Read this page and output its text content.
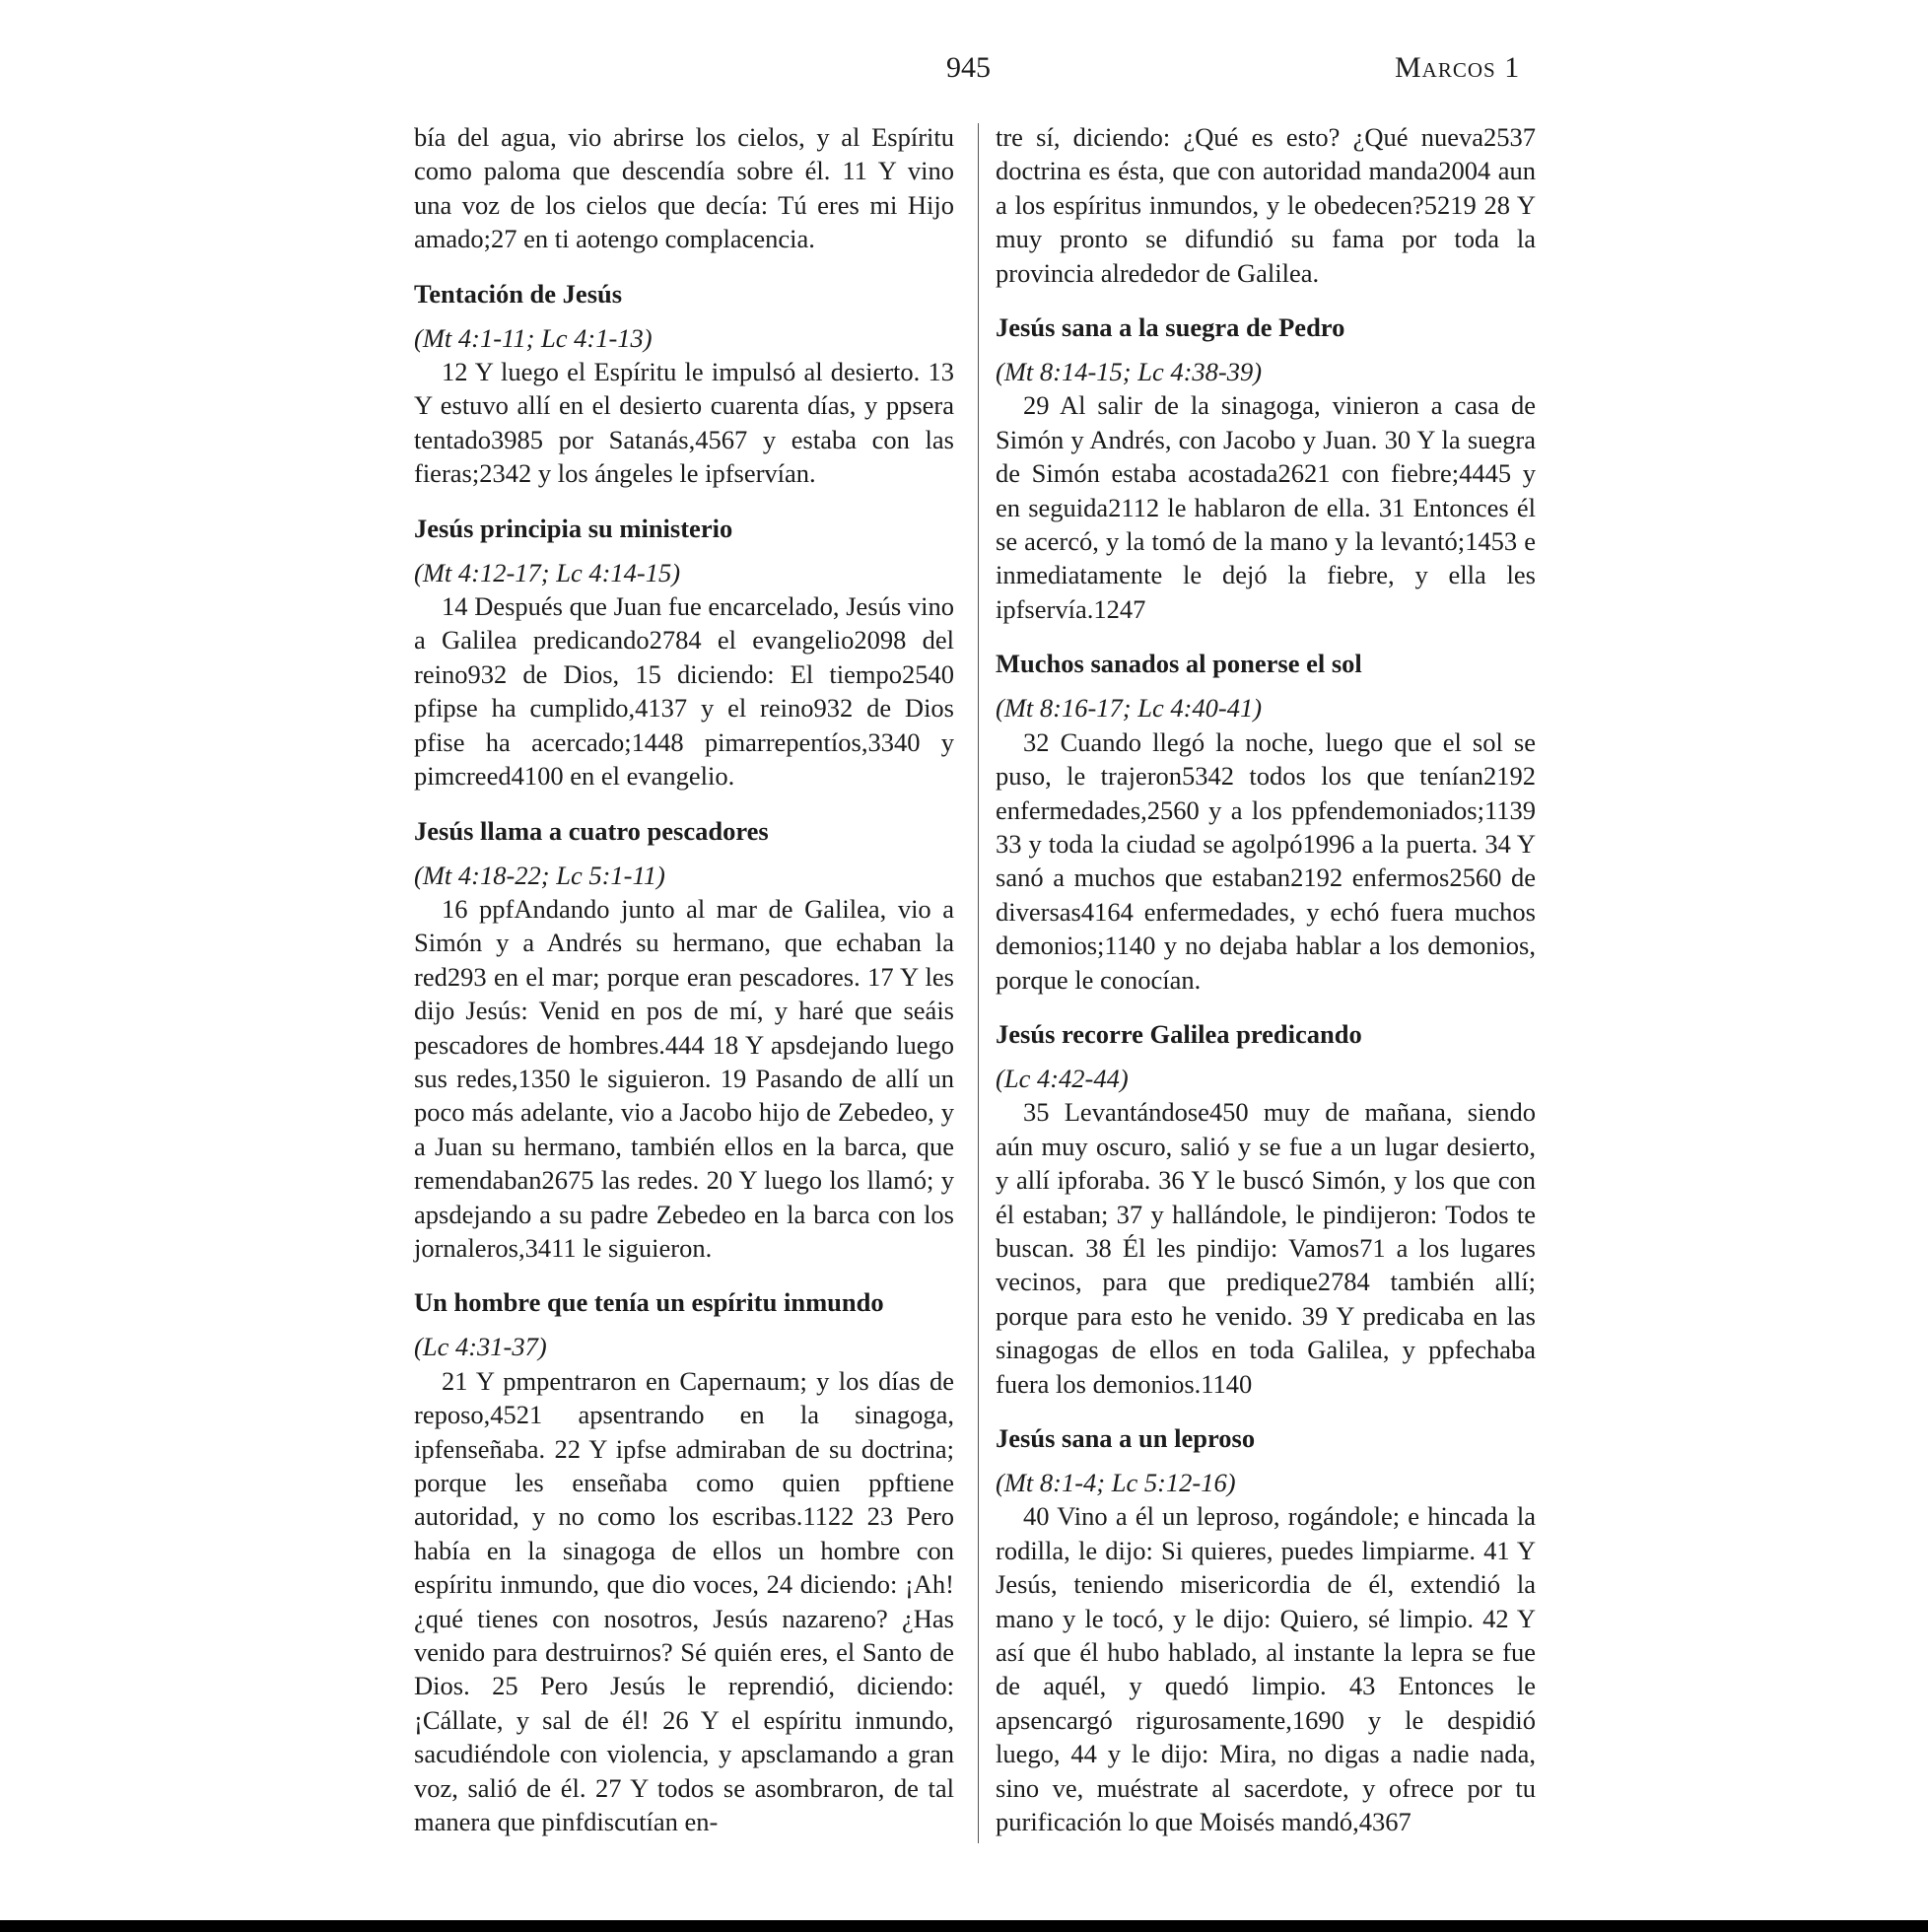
945	Marcos 1

bía del agua, vio abrirse los cielos, y al Espíritu como paloma que descendía sobre él. 11 Y vino una voz de los cielos que decía: Tú eres mi Hijo amado;27 en ti aotengo complacencia.

Tentación de Jesús

(Mt 4:1-11; Lc 4:1-13)

12 Y luego el Espíritu le impulsó al desierto. 13 Y estuvo allí en el desierto cuarenta días, y ppsera tentado3985 por Satanás,4567 y estaba con las fieras;2342 y los ángeles le ipfservían.

Jesús principia su ministerio

(Mt 4:12-17; Lc 4:14-15)

14 Después que Juan fue encarcelado, Jesús vino a Galilea predicando2784 el evangelio2098 del reino932 de Dios, 15 diciendo: El tiempo2540 pfipse ha cumplido,4137 y el reino932 de Dios pfise ha acercado;1448 pimarrepentíos,3340 y pimcreed4100 en el evangelio.

Jesús llama a cuatro pescadores

(Mt 4:18-22; Lc 5:1-11)

16 ppfAndando junto al mar de Galilea, vio a Simón y a Andrés su hermano, que echaban la red293 en el mar; porque eran pescadores. 17 Y les dijo Jesús: Venid en pos de mí, y haré que seáis pescadores de hombres.444 18 Y apsdejando luego sus redes,1350 le siguieron. 19 Pasando de allí un poco más adelante, vio a Jacobo hijo de Zebedeo, y a Juan su hermano, también ellos en la barca, que remendaban2675 las redes. 20 Y luego los llamó; y apsdejando a su padre Zebedeo en la barca con los jornaleros,3411 le siguieron.

Un hombre que tenía un espíritu inmundo

(Lc 4:31-37)

21 Y pmpentraron en Capernaum; y los días de reposo,4521 apsentrando en la sinagoga, ipfenseñaba. 22 Y ipfse admiraban de su doctrina; porque les enseñaba como quien ppftiene autoridad, y no como los escribas.1122 23 Pero había en la sinagoga de ellos un hombre con espíritu inmundo, que dio voces, 24 diciendo: ¡Ah! ¿qué tienes con nosotros, Jesús nazareno? ¿Has venido para destruirnos? Sé quién eres, el Santo de Dios. 25 Pero Jesús le reprendió, diciendo: ¡Cállate, y sal de él! 26 Y el espíritu inmundo, sacudiéndole con violencia, y apsclamando a gran voz, salió de él. 27 Y todos se asombraron, de tal manera que pinfdiscutían en-

tre sí, diciendo: ¿Qué es esto? ¿Qué nueva2537 doctrina es ésta, que con autoridad manda2004 aun a los espíritus inmundos, y le obedecen?5219 28 Y muy pronto se difundió su fama por toda la provincia alrededor de Galilea.

Jesús sana a la suegra de Pedro

(Mt 8:14-15; Lc 4:38-39)

29 Al salir de la sinagoga, vinieron a casa de Simón y Andrés, con Jacobo y Juan. 30 Y la suegra de Simón estaba acostada2621 con fiebre;4445 y en seguida2112 le hablaron de ella. 31 Entonces él se acercó, y la tomó de la mano y la levantó;1453 e inmediatamente le dejó la fiebre, y ella les ipfservía.1247

Muchos sanados al ponerse el sol

(Mt 8:16-17; Lc 4:40-41)

32 Cuando llegó la noche, luego que el sol se puso, le trajeron5342 todos los que tenían2192 enfermedades,2560 y a los ppfendemoniados;1139 33 y toda la ciudad se agolpó1996 a la puerta. 34 Y sanó a muchos que estaban2192 enfermos2560 de diversas4164 enfermedades, y echó fuera muchos demonios;1140 y no dejaba hablar a los demonios, porque le conocían.

Jesús recorre Galilea predicando

(Lc 4:42-44)

35 Levantándose450 muy de mañana, siendo aún muy oscuro, salió y se fue a un lugar desierto, y allí ipforaba. 36 Y le buscó Simón, y los que con él estaban; 37 y hallándole, le pindijeron: Todos te buscan. 38 Él les pindijo: Vamos71 a los lugares vecinos, para que predique2784 también allí; porque para esto he venido. 39 Y predicaba en las sinagogas de ellos en toda Galilea, y ppfechaba fuera los demonios.1140

Jesús sana a un leproso

(Mt 8:1-4; Lc 5:12-16)

40 Vino a él un leproso, rogándole; e hincada la rodilla, le dijo: Si quieres, puedes limpiarme. 41 Y Jesús, teniendo misericordia de él, extendió la mano y le tocó, y le dijo: Quiero, sé limpio. 42 Y así que él hubo hablado, al instante la lepra se fue de aquél, y quedó limpio. 43 Entonces le apsencargó rigurosamente,1690 y le despidió luego, 44 y le dijo: Mira, no digas a nadie nada, sino ve, muéstrate al sacerdote, y ofrece por tu purificación lo que Moisés mandó,4367
